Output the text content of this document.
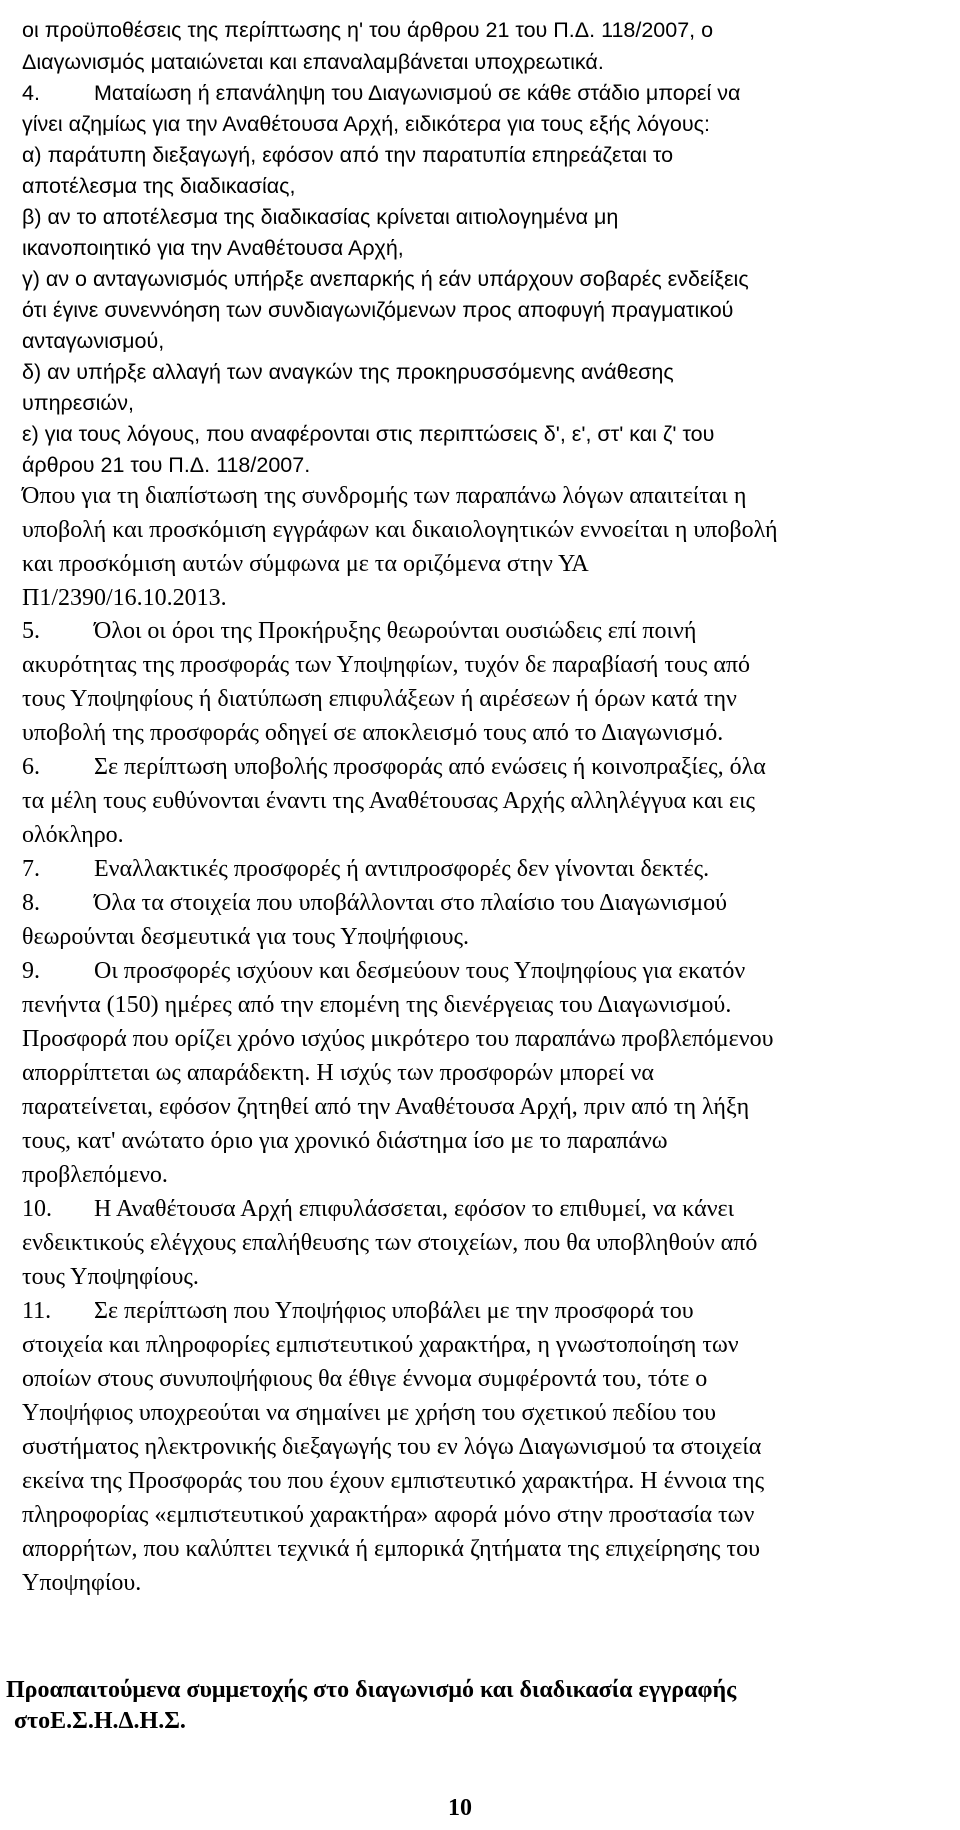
οι προϋποθέσεις της περίπτωσης η' του άρθρου 21 του Π.Δ. 118/2007, ο
Διαγωνισμός ματαιώνεται και επαναλαμβάνεται υποχρεωτικά.
4.	Ματαίωση ή επανάληψη του Διαγωνισμού σε κάθε στάδιο μπορεί να
γίνει αζημίως για την Αναθέτουσα Αρχή, ειδικότερα για τους εξής λόγους:
α) παράτυπη διεξαγωγή, εφόσον από την παρατυπία επηρεάζεται το
αποτέλεσμα της διαδικασίας,
β) αν το αποτέλεσμα της διαδικασίας κρίνεται αιτιολογημένα μη
ικανοποιητικό για την Αναθέτουσα Αρχή,
γ) αν ο ανταγωνισμός υπήρξε ανεπαρκής ή εάν υπάρχουν σοβαρές ενδείξεις
ότι έγινε συνεννόηση των συνδιαγωνιζόμενων προς αποφυγή πραγματικού
ανταγωνισμού,
δ) αν υπήρξε αλλαγή των αναγκών της προκηρυσσόμενης ανάθεσης
υπηρεσιών,
ε) για τους λόγους, που αναφέρονται στις περιπτώσεις δ', ε', στ' και ζ' του
άρθρου 21 του Π.Δ. 118/2007.
Όπου για τη διαπίστωση της συνδρομής των παραπάνω λόγων απαιτείται η
υποβολή και προσκόμιση εγγράφων και δικαιολογητικών εννοείται η υποβολή
και προσκόμιση αυτών σύμφωνα με τα οριζόμενα στην ΥΑ
Π1/2390/16.10.2013.
5. Όλοι οι όροι της Προκήρυξης θεωρούνται ουσιώδεις επί ποινή
ακυρότητας της προσφοράς των Υποψηφίων, τυχόν δε παραβίασή τους από
τους Υποψηφίους ή διατύπωση επιφυλάξεων ή αιρέσεων ή όρων κατά την
υποβολή της προσφοράς οδηγεί σε αποκλεισμό τους από το Διαγωνισμό.
6. Σε περίπτωση υποβολής προσφοράς από ενώσεις ή κοινοπραξίες, όλα
τα μέλη τους ευθύνονται έναντι της Αναθέτουσας Αρχής αλληλέγγυα και εις
ολόκληρο.
7. Εναλλακτικές προσφορές ή αντιπροσφορές δεν γίνονται δεκτές.
8. Όλα τα στοιχεία που υποβάλλονται στο πλαίσιο του Διαγωνισμού
θεωρούνται δεσμευτικά για τους Υποψήφιους.
9. Οι προσφορές ισχύουν και δεσμεύουν τους Υποψηφίους για εκατόν
πενήντα (150) ημέρες από την επομένη της διενέργειας του Διαγωνισμού.
Προσφορά που ορίζει χρόνο ισχύος μικρότερο του παραπάνω προβλεπόμενου
απορρίπτεται ως απαράδεκτη. Η ισχύς των προσφορών μπορεί να
παρατείνεται, εφόσον ζητηθεί από την Αναθέτουσα Αρχή, πριν από τη λήξη
τους, κατ' ανώτατο όριο για χρονικό διάστημα ίσο με το παραπάνω
προβλεπόμενο.
10. Η Αναθέτουσα Αρχή επιφυλάσσεται, εφόσον το επιθυμεί, να κάνει
ενδεικτικούς ελέγχους επαλήθευσης των στοιχείων, που θα υποβληθούν από
τους Υποψηφίους.
11. Σε περίπτωση που Υποψήφιος υποβάλει με την προσφορά του
στοιχεία και πληροφορίες εμπιστευτικού χαρακτήρα, η γνωστοποίηση των
οποίων στους συνυποψήφιους θα έθιγε έννομα συμφέροντά του, τότε ο
Υποψήφιος υποχρεούται να σημαίνει με χρήση του σχετικού πεδίου του
συστήματος ηλεκτρονικής διεξαγωγής του εν λόγω Διαγωνισμού τα στοιχεία
εκείνα της Προσφοράς του που έχουν εμπιστευτικό χαρακτήρα. Η έννοια της
πληροφορίας «εμπιστευτικού χαρακτήρα» αφορά μόνο στην προστασία των
απορρήτων, που καλύπτει τεχνικά ή εμπορικά ζητήματα της επιχείρησης του
Υποψηφίου.
Προαπαιτούμενα συμμετοχής στο διαγωνισμό και διαδικασία εγγραφής
στοΕ.Σ.Η.Δ.Η.Σ.
10
